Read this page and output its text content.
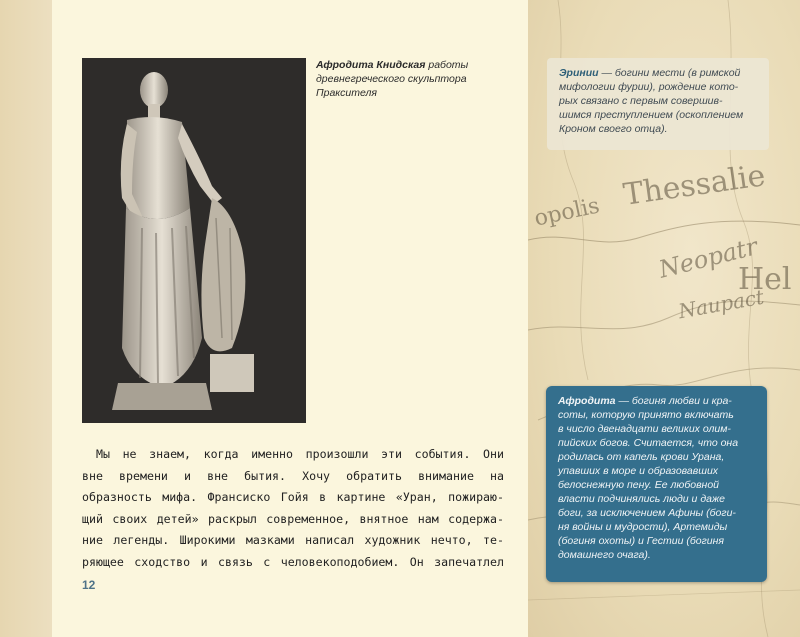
Thessalie
opolis
Neopatr
Hel
Naupact
Афродита Книдская работы
древнегреческого скульптора
Праксителя
Мы не знаем, когда именно произошли эти события. Они
вне времени и вне бытия. Хочу обратить внимание на
образность мифа. Франсиско Гойя в картине «Уран, пожираю-
щий своих детей» раскрыл современное, внятное нам содержа-
ние легенды. Широкими мазками написал художник нечто, те-
ряющее сходство и связь с человекоподобием. Он запечатлел
12
Эринии — богини мести (в римской
мифологии фурии), рождение кото-
рых связано с первым совершив-
шимся преступлением (оскоплением
Кроном своего отца).
Афродита — богиня любви и кра-
соты, которую принято включать
в число двенадцати великих олим-
пийских богов. Считается, что она
родилась от капель крови Урана,
упавших в море и образовавших
белоснежную пену. Ее любовной
власти подчинялись люди и даже
боги, за исключением Афины (боги-
ня войны и мудрости), Артемиды
(богиня охоты) и Гестии (богиня
домашнего очага).
